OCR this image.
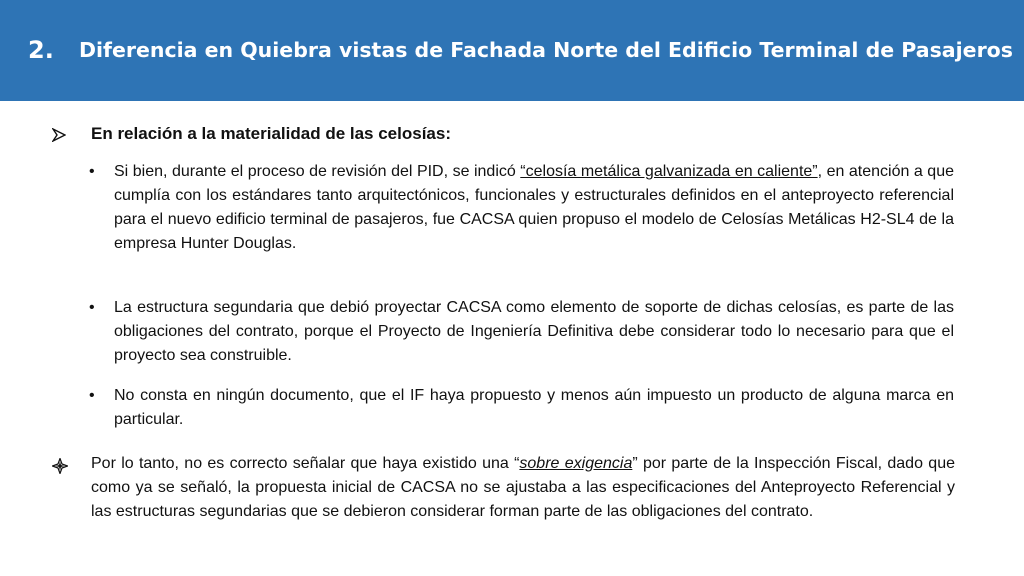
2. Diferencia en Quiebra vistas de Fachada Norte del Edificio Terminal de Pasajeros
En relación a la materialidad de las celosías:
• Si bien, durante el proceso de revisión del PID, se indicó “celosía metálica galvanizada en caliente”, en atención a que cumplía con los estándares tanto arquitectónicos, funcionales y estructurales definidos en el anteproyecto referencial para el nuevo edificio terminal de pasajeros, fue CACSA quien propuso el modelo de Celosías Metálicas H2-SL4 de la empresa Hunter Douglas.
• La estructura segundaria que debió proyectar CACSA como elemento de soporte de dichas celosías, es parte de las obligaciones del contrato, porque el Proyecto de Ingeniería Definitiva debe considerar todo lo necesario para que el proyecto sea construible.
• No consta en ningún documento, que el IF haya propuesto y menos aún impuesto un producto de alguna marca en particular.
Por lo tanto, no es correcto señalar que haya existido una “sobre exigencia” por parte de la Inspección Fiscal, dado que como ya se señaló, la propuesta inicial de CACSA no se ajustaba a las especificaciones del Anteproyecto Referencial y las estructuras segundarias que se debieron considerar forman parte de las obligaciones del contrato.
